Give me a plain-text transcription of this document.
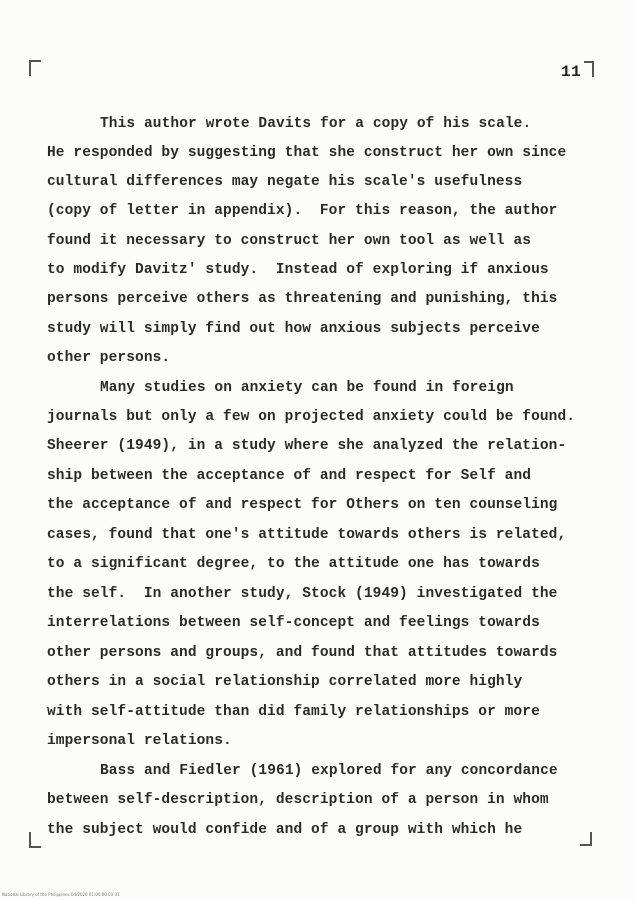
11
This author wrote Davits for a copy of his scale.
He responded by suggesting that she construct her own since
cultural differences may negate his scale's usefulness
(copy of letter in appendix).  For this reason, the author
found it necessary to construct her own tool as well as
to modify Davitz' study.  Instead of exploring if anxious
persons perceive others as threatening and punishing, this
study will simply find out how anxious subjects perceive
other persons.
Many studies on anxiety can be found in foreign
journals but only a few on projected anxiety could be found.
Sheerer (1949), in a study where she analyzed the relation-
ship between the acceptance of and respect for Self and
the acceptance of and respect for Others on ten counseling
cases, found that one's attitude towards others is related,
to a significant degree, to the attitude one has towards
the self.  In another study, Stock (1949) investigated the
interrelations between self-concept and feelings towards
other persons and groups, and found that attitudes towards
others in a social relationship correlated more highly
with self-attitude than did family relationships or more
impersonal relations.
Bass and Fiedler (1961) explored for any concordance
between self-description, description of a person in whom
the subject would confide and of a group with which he
National Library of the Philippines 04/2020 01:00:00 03 31
